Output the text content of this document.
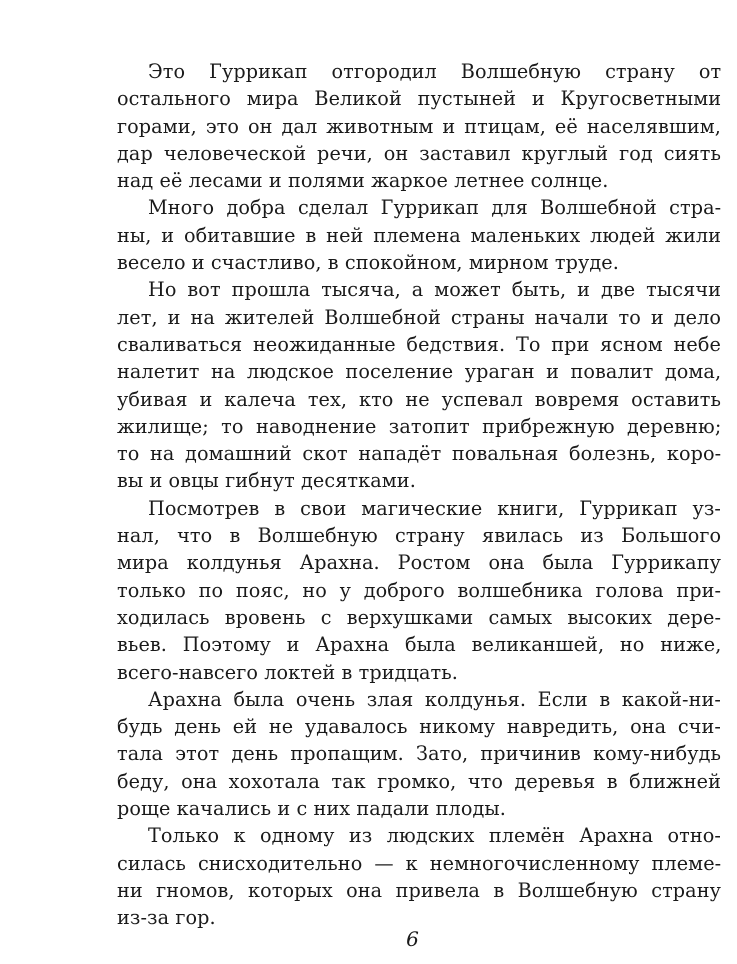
Это Гуррикап отгородил Волшебную страну от
остального мира Великой пустыней и Кругосветными
горами, это он дал животным и птицам, её населявшим,
дар человеческой речи, он заставил круглый год сиять
над её лесами и полями жаркое летнее солнце.

Много добра сделал Гуррикап для Волшебной стра-
ны, и обитавшие в ней племена маленьких людей жили
весело и счастливо, в спокойном, мирном труде.

Но вот прошла тысяча, а может быть, и две тысячи
лет, и на жителей Волшебной страны начали то и дело
сваливаться неожиданные бедствия. То при ясном небе
налетит на людское поселение ураган и повалит дома,
убивая и калеча тех, кто не успевал вовремя оставить
жилище; то наводнение затопит прибрежную деревню;
то на домашний скот нападёт повальная болезнь, коро-
вы и овцы гибнут десятками.

Посмотрев в свои магические книги, Гуррикап уз-
нал, что в Волшебную страну явилась из Большого
мира колдунья Арахна. Ростом она была Гуррикапу
только по пояс, но у доброго волшебника голова при-
ходилась вровень с верхушками самых высоких дере-
вьев. Поэтому и Арахна была великаншей, но ниже,
всего-навсего локтей в тридцать.

Арахна была очень злая колдунья. Если в какой-ни-
будь день ей не удавалось никому навредить, она счи-
тала этот день пропащим. Зато, причинив кому-нибудь
беду, она хохотала так громко, что деревья в ближней
роще качались и с них падали плоды.

Только к одному из людских племён Арахна отно-
силась снисходительно — к немногочисленному племе-
ни гномов, которых она привела в Волшебную страну
из-за гор.

6
